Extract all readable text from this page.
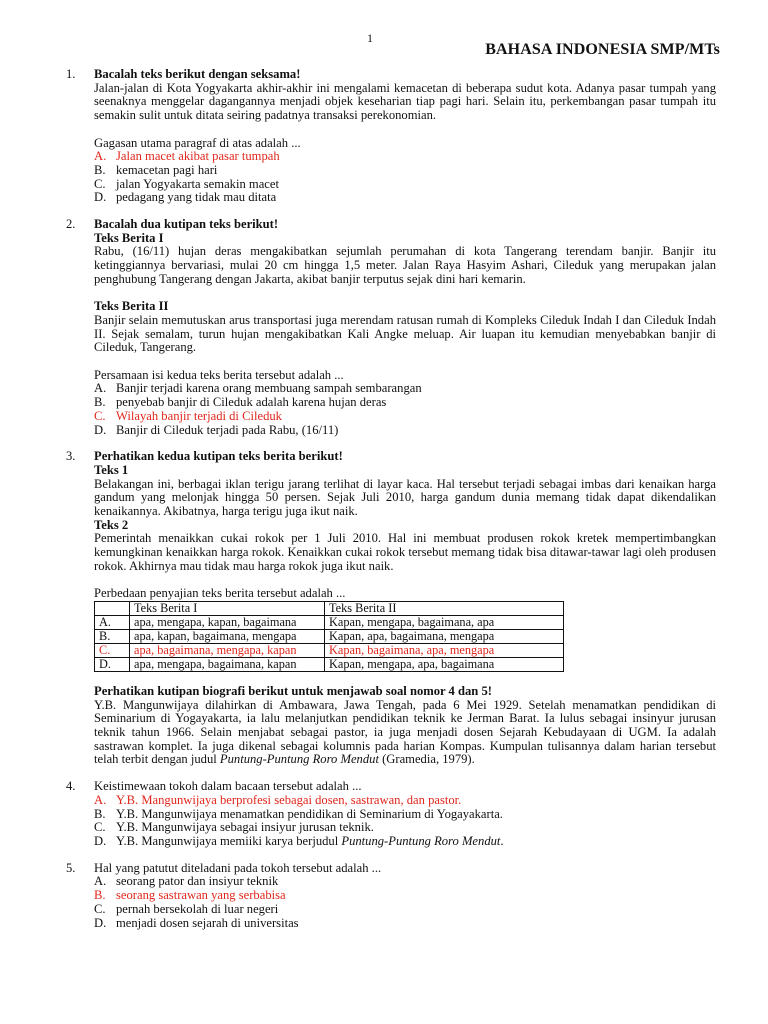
1
BAHASA INDONESIA SMP/MTs
1. Bacalah teks berikut dengan seksama!
Jalan-jalan di Kota Yogyakarta akhir-akhir ini mengalami kemacetan di beberapa sudut kota. Adanya pasar tumpah yang seenaknya menggelar dagangannya menjadi objek keseharian tiap pagi hari. Selain itu, perkembangan pasar tumpah itu semakin sulit untuk ditata seiring padatnya transaksi perekonomian.
Gagasan utama paragraf di atas adalah ...
A. Jalan macet akibat pasar tumpah
B. kemacetan pagi hari
C. jalan Yogyakarta semakin macet
D. pedagang yang tidak mau ditata
2. Bacalah dua kutipan teks berikut!
Teks Berita I
Rabu, (16/11) hujan deras mengakibatkan sejumlah perumahan di kota Tangerang terendam banjir. Banjir itu ketinggiannya bervariasi, mulai 20 cm hingga 1,5 meter. Jalan Raya Hasyim Ashari, Cileduk yang merupakan jalan penghubung Tangerang dengan Jakarta, akibat banjir terputus sejak dini hari kemarin.
Teks Berita II
Banjir selain memutuskan arus transportasi juga merendam ratusan rumah di Kompleks Cileduk Indah I dan Cileduk Indah II. Sejak semalam, turun hujan mengakibatkan Kali Angke meluap. Air luapan itu kemudian menyebabkan banjir di Cileduk, Tangerang.
Persamaan isi kedua teks berita tersebut adalah ...
A. Banjir terjadi karena orang membuang sampah sembarangan
B. penyebab banjir di Cileduk adalah karena hujan deras
C. Wilayah banjir terjadi di Cileduk
D. Banjir di Cileduk terjadi pada Rabu, (16/11)
3. Perhatikan kedua kutipan teks berita berikut!
Teks 1
Belakangan ini, berbagai iklan terigu jarang terlihat di layar kaca. Hal tersebut terjadi sebagai imbas dari kenaikan harga gandum yang melonjak hingga 50 persen. Sejak Juli 2010, harga gandum dunia memang tidak dapat dikendalikan kenaikannya. Akibatnya, harga terigu juga ikut naik.
Teks 2
Pemerintah menaikkan cukai rokok per 1 Juli 2010. Hal ini membuat produsen rokok kretek mempertimbangkan kemungkinan kenaikkan harga rokok. Kenaikkan cukai rokok tersebut memang tidak bisa ditawar-tawar lagi oleh produsen rokok. Akhirnya mau tidak mau harga rokok juga ikut naik.
Perbedaan penyajian teks berita tersebut adalah ...
	Teks Berita I	Teks Berita II
A.	apa, mengapa, kapan, bagaimana	Kapan, mengapa, bagaimana, apa
B.	apa, kapan, bagaimana, mengapa	Kapan, apa, bagaimana, mengapa
C.	apa, bagaimana, mengapa, kapan	Kapan, bagaimana, apa, mengapa
D.	apa, mengapa, bagaimana, kapan	Kapan, mengapa, apa, bagaimana
Perhatikan kutipan biografi berikut untuk menjawab soal nomor 4 dan 5!
Y.B. Mangunwijaya dilahirkan di Ambawara, Jawa Tengah, pada 6 Mei 1929. Setelah menamatkan pendidikan di Seminarium di Yogayakarta, ia lalu melanjutkan pendidikan teknik ke Jerman Barat. Ia lulus sebagai insinyur jurusan teknik tahun 1966. Selain menjabat sebagai pastor, ia juga menjadi dosen Sejarah Kebudayaan di UGM. Ia adalah sastrawan komplet. Ia juga dikenal sebagai kolumnis pada harian Kompas. Kumpulan tulisannya dalam harian tersebut telah terbit dengan judul Puntung-Puntung Roro Mendut (Gramedia, 1979).
4. Keistimewaan tokoh dalam bacaan tersebut adalah ...
A. Y.B. Mangunwijaya berprofesi sebagai dosen, sastrawan, dan pastor.
B. Y.B. Mangunwijaya menamatkan pendidikan di Seminarium di Yogayakarta.
C. Y.B. Mangunwijaya sebagai insiyur jurusan teknik.
D. Y.B. Mangunwijaya memiiki karya berjudul Puntung-Puntung Roro Mendut.
5. Hal yang patutut diteladani pada tokoh tersebut adalah ...
A. seorang pator dan insiyur teknik
B. seorang sastrawan yang serbabisa
C. pernah bersekolah di luar negeri
D. menjadi dosen sejarah di universitas
